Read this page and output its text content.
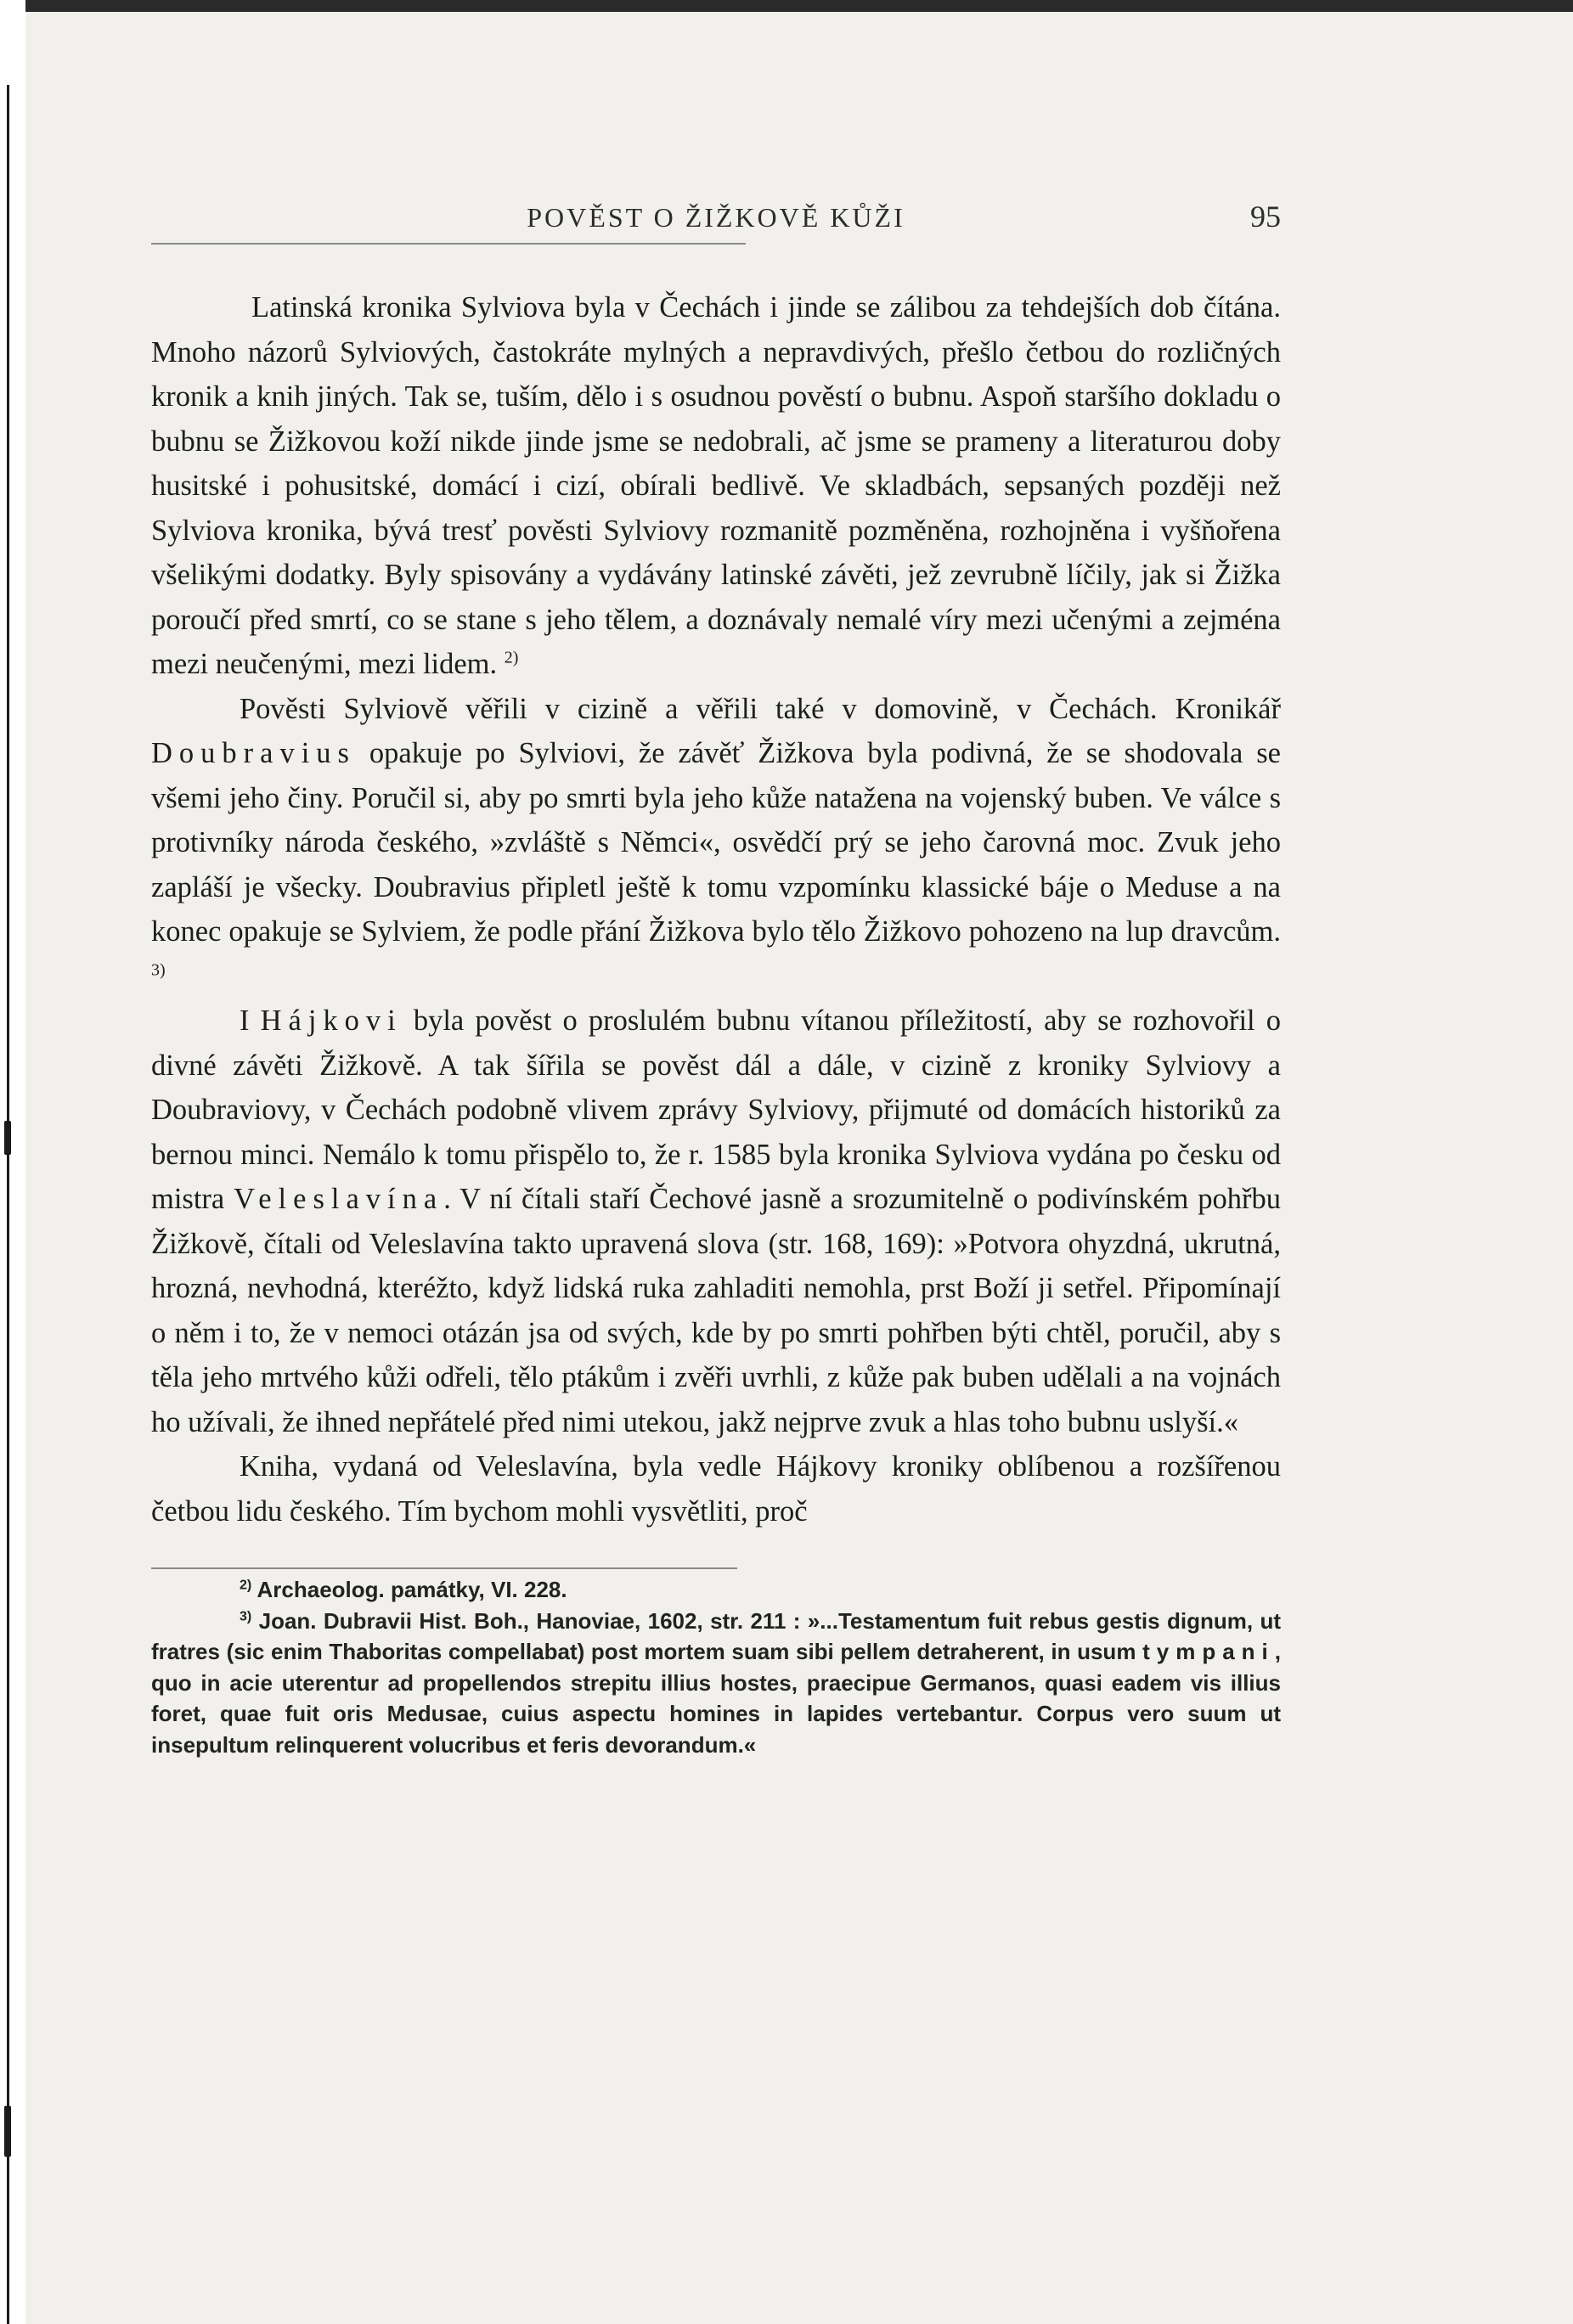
POVĚST O ŽIŽKOVĚ KŮŽI	95

Latinská kronika Sylviova byla v Čechách i jinde se zálibou za tehdejších dob čítána. Mnoho názorů Sylviových, častokráte mylných a nepravdivých, přešlo četbou do rozličných kronik a knih jiných. Tak se, tuším, dělo i s osudnou pověstí o bubnu. Aspoň staršího dokladu o bubnu se Žižkovou koží nikde jinde jsme se nedobrali, ač jsme se prameny a literaturou doby husitské i pohusitské, domácí i cizí, obírali bedlivě. Ve skladbách, sepsaných později než Sylviova kronika, bývá tresť pověsti Sylviovy rozmanitě pozměněna, rozhojněna i vyšňořena všelikými dodatky. Byly spisovány a vydávány latinské závěti, jež zevrubně líčily, jak si Žižka poroučí před smrtí, co se stane s jeho tělem, a doznávaly nemalé víry mezi učenými a zejména mezi neučenými, mezi lidem. $^{2)}$

Pověsti Sylviově věřili v cizině a věřili také v domovině, v Čechách. Kronikář Doubravius opakuje po Sylviovi, že závěť Žižkova byla podivná, že se shodovala se všemi jeho činy. Poručil si, aby po smrti byla jeho kůže natažena na vojenský buben. Ve válce s protivníky národa českého, »zvláště s Němci«, osvědčí prý se jeho čarovná moc. Zvuk jeho zapláší je všecky. Doubravius připletl ještě k tomu vzpomínku klassické báje o Meduse a na konec opakuje se Sylviem, že podle přání Žižkova bylo tělo Žižkovo pohozeno na lup dravcům. $^{3)}$

I Hájkovi byla pověst o proslulém bubnu vítanou příležitostí, aby se rozhovořil o divné závěti Žižkově. A tak šířila se pověst dál a dále, v cizině z kroniky Sylviovy a Doubraviovy, v Čechách podobně vlivem zprávy Sylviovy, přijmuté od domácích historiků za bernou minci. Nemálo k tomu přispělo to, že r. 1585 byla kronika Sylviova vydána po česku od mistra Veleslavína. V ní čítali staří Čechové jasně a srozumitelně o podivínském pohřbu Žižkově, čítali od Veleslavína takto upravená slova (str. 168, 169): »Potvora ohyzdná, ukrutná, hrozná, nevhodná, kteréžto, když lidská ruka zahladiti nemohla, prst Boží ji setřel. Připomínají o něm i to, že v nemoci otázán jsa od svých, kde by po smrti pohřben býti chtěl, poručil, aby s těla jeho mrtvého kůži odřeli, tělo ptákům i zvěři uvrhli, z kůže pak buben udělali a na vojnách ho užívali, že ihned nepřátelé před nimi utekou, jakž nejprve zvuk a hlas toho bubnu uslyší.«

Kniha, vydaná od Veleslavína, byla vedle Hájkovy kroniky oblíbenou a rozšířenou četbou lidu českého. Tím bychom mohli vysvětliti, proč

$^{2)}$ Archaeolog. památky, VI. 228.

$^{3)}$ Joan. Dubravii Hist. Boh., Hanoviae, 1602, str. 211 : »...Testamentum fuit rebus gestis dignum, ut fratres (sic enim Thaboritas compellabat) post mortem suam sibi pellem detraherent, in usum tympani, quo in acie uterentur ad propellendos strepitu illius hostes, praecipue Germanos, quasi eadem vis illius foret, quae fuit oris Medusae, cuius aspectu homines in lapides vertebantur. Corpus vero suum ut insepultum relinquerent volucribus et feris devorandum.«
